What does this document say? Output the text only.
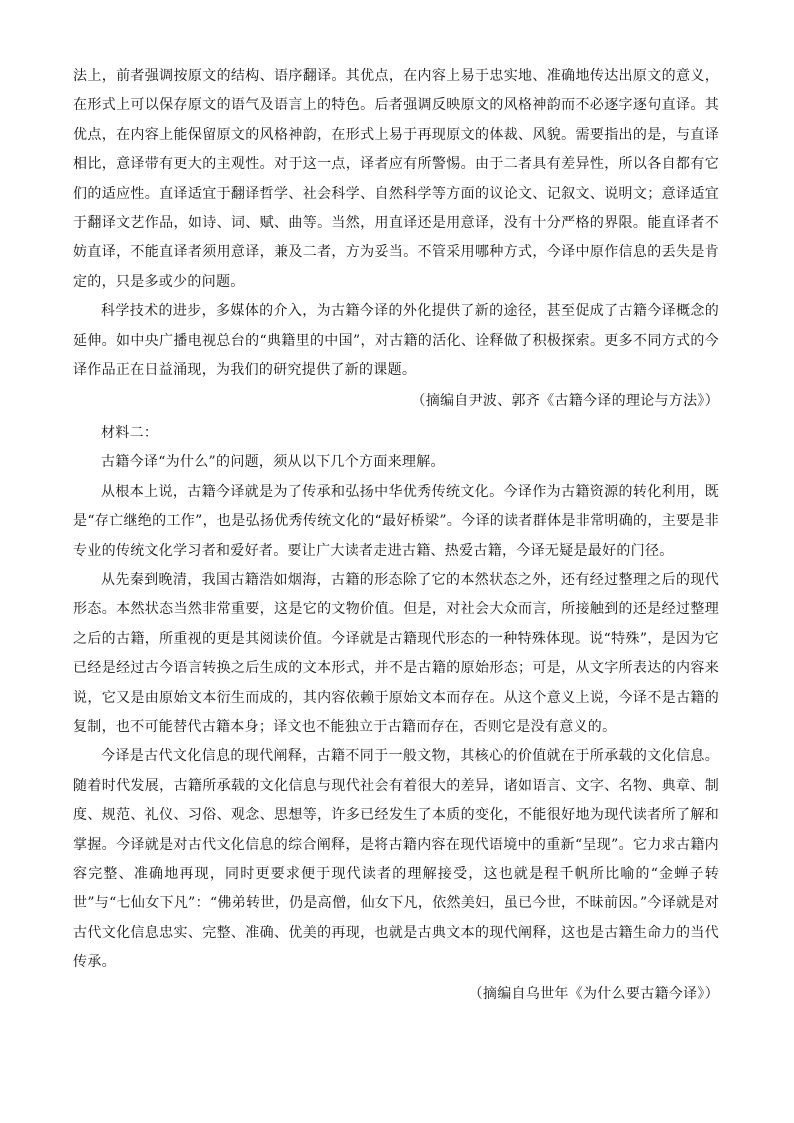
法上，前者强调按原文的结构、语序翻译。其优点，在内容上易于忠实地、准确地传达出原文的意义，在形式上可以保存原文的语气及语言上的特色。后者强调反映原文的风格神韵而不必逐字逐句直译。其优点，在内容上能保留原文的风格神韵，在形式上易于再现原文的体裁、风貌。需要指出的是，与直译相比，意译带有更大的主观性。对于这一点，译者应有所警惕。由于二者具有差异性，所以各自都有它们的适应性。直译适宜于翻译哲学、社会科学、自然科学等方面的议论文、记叙文、说明文；意译适宜于翻译文艺作品，如诗、词、赋、曲等。当然，用直译还是用意译，没有十分严格的界限。能直译者不妨直译，不能直译者须用意译，兼及二者，方为妥当。不管采用哪种方式，今译中原作信息的丢失是肯定的，只是多或少的问题。

科学技术的进步，多媒体的介入，为古籍今译的外化提供了新的途径，甚至促成了古籍今译概念的延伸。如中央广播电视总台的“典籍里的中国”，对古籍的活化、诠释做了积极探索。更多不同方式的今译作品正在日益涌现，为我们的研究提供了新的课题。

（摘编自尹波、郭齐《古籍今译的理论与方法》）

材料二：

古籍今译“为什么”的问题，须从以下几个方面来理解。

从根本上说，古籍今译就是为了传承和弘扬中华优秀传统文化。今译作为古籍资源的转化利用，既是“存亡继绝的工作”，也是弘扬优秀传统文化的“最好桥梁”。今译的读者群体是非常明确的，主要是非专业的传统文化学习者和爱好者。要让广大读者走进古籍、热爱古籍，今译无疑是最好的门径。

从先秦到晚清，我国古籍浩如烟海，古籍的形态除了它的本然状态之外，还有经过整理之后的现代形态。本然状态当然非常重要，这是它的文物价值。但是，对社会大众而言，所接触到的还是经过整理之后的古籍，所重视的更是其阅读价值。今译就是古籍现代形态的一种特殊体现。说“特殊”，是因为它已经是经过古今语言转换之后生成的文本形式，并不是古籍的原始形态；可是，从文字所表达的内容来说，它又是由原始文本衍生而成的，其内容依赖于原始文本而存在。从这个意义上说，今译不是古籍的复制，也不可能替代古籍本身；译文也不能独立于古籍而存在，否则它是没有意义的。

今译是古代文化信息的现代阐释，古籍不同于一般文物，其核心的价值就在于所承载的文化信息。随着时代发展，古籍所承载的文化信息与现代社会有着很大的差异，诸如语言、文字、名物、典章、制度、规范、礼仪、习俗、观念、思想等，许多已经发生了本质的变化，不能很好地为现代读者所了解和掌握。今译就是对古代文化信息的综合阐释，是将古籍内容在现代语境中的重新“呈现”。它力求古籍内容完整、准确地再现，同时更要求便于现代读者的理解接受，这也就是程千帆所比喻的“金蝉子转世”与“七仙女下凡”：“佛弟转世，仍是高僧，仙女下凡，依然美妇，虽已今世，不昧前因。”今译就是对古代文化信息忠实、完整、准确、优美的再现，也就是古典文本的现代阐释，这也是古籍生命力的当代传承。

（摘编自乌世年《为什么要古籍今译》）
